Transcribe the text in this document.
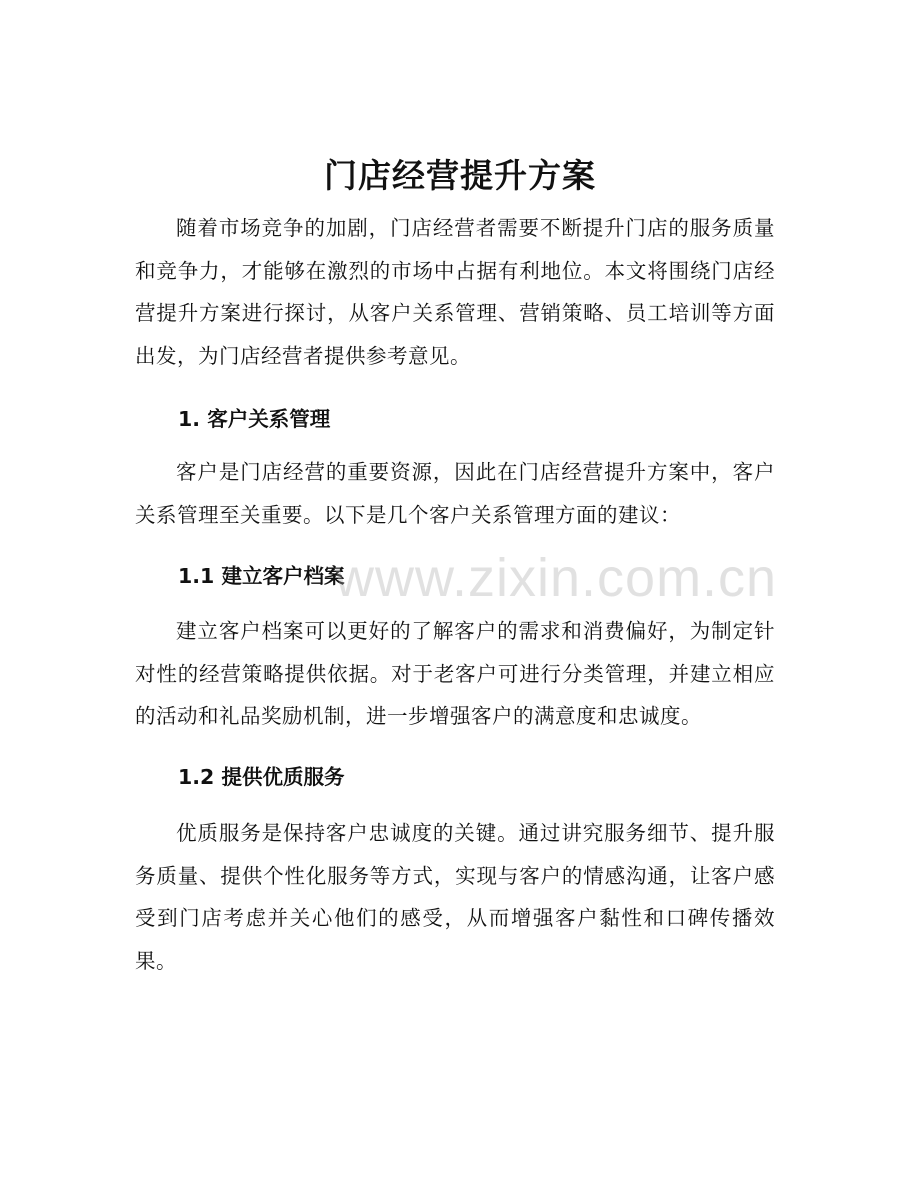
门店经营提升方案

随着市场竞争的加剧，门店经营者需要不断提升门店的服务质量和竞争力，才能够在激烈的市场中占据有利地位。本文将围绕门店经营提升方案进行探讨，从客户关系管理、营销策略、员工培训等方面出发，为门店经营者提供参考意见。

1. 客户关系管理

客户是门店经营的重要资源，因此在门店经营提升方案中，客户关系管理至关重要。以下是几个客户关系管理方面的建议：

1.1 建立客户档案

建立客户档案可以更好的了解客户的需求和消费偏好，为制定针对性的经营策略提供依据。对于老客户可进行分类管理，并建立相应的活动和礼品奖励机制，进一步增强客户的满意度和忠诚度。

1.2 提供优质服务

优质服务是保持客户忠诚度的关键。通过讲究服务细节、提升服务质量、提供个性化服务等方式，实现与客户的情感沟通，让客户感受到门店考虑并关心他们的感受，从而增强客户黏性和口碑传播效果。

www.zixin.com.cn
